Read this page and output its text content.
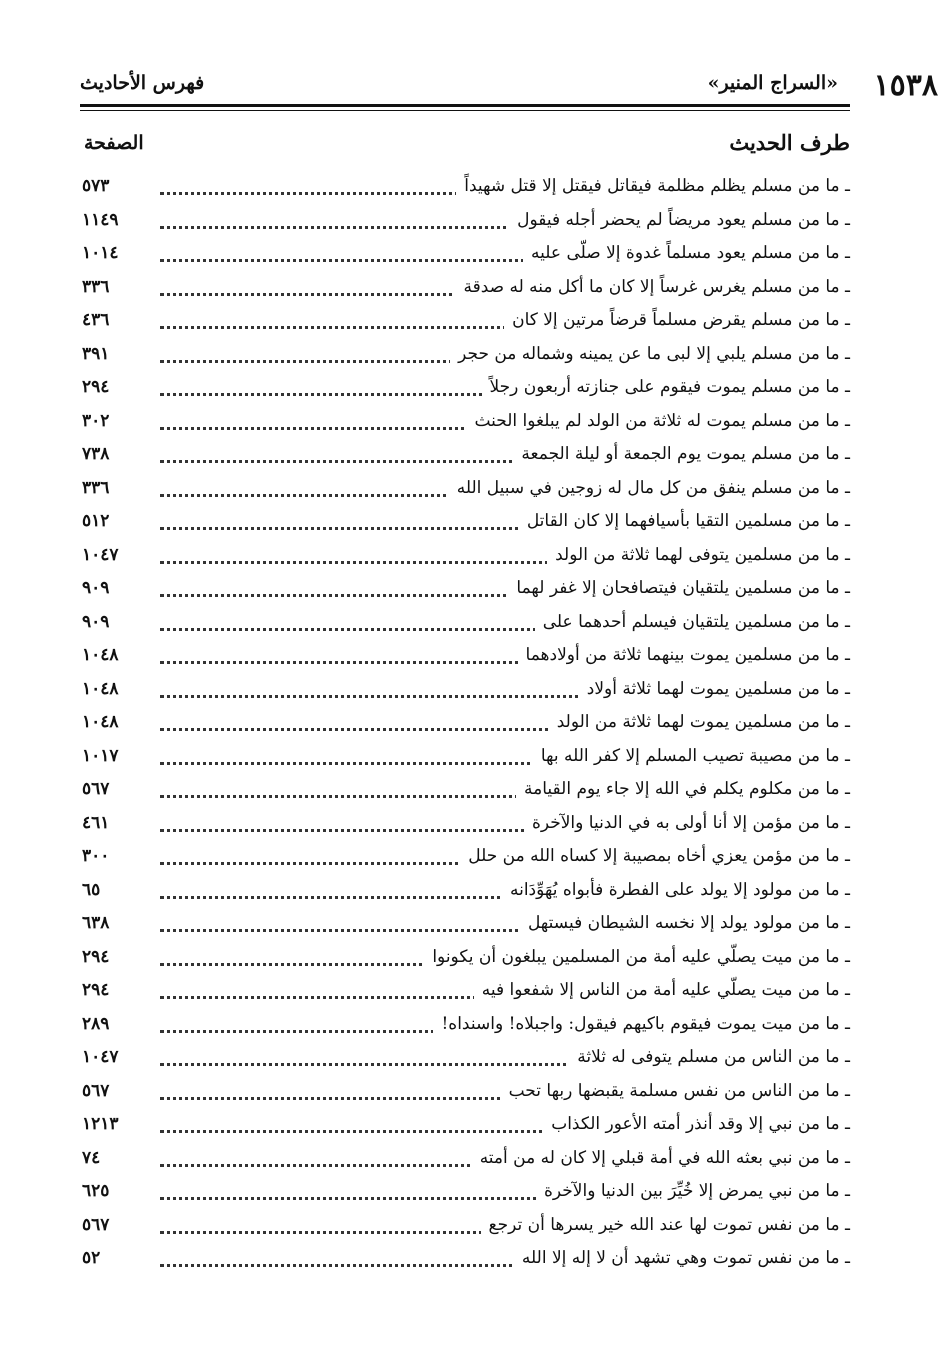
١٥٣٨
«السراج المنير»
فهرس الأحاديث
طرف الحديث
الصفحة
ـ ما من مسلم يظلم مظلمة فيقاتل فيقتل إلا قتل شهيداً
٥٧٣
ـ ما من مسلم يعود مريضاً لم يحضر أجله فيقول
١١٤٩
ـ ما من مسلم يعود مسلماً غدوة إلا صلّى عليه
١٠١٤
ـ ما من مسلم يغرس غرساً إلا كان ما أكل منه له صدقة
٣٣٦
ـ ما من مسلم يقرض مسلماً قرضاً مرتين إلا كان
٤٣٦
ـ ما من مسلم يلبي إلا لبى ما عن يمينه وشماله من حجر
٣٩١
ـ ما من مسلم يموت فيقوم على جنازته أربعون رجلاً
٢٩٤
ـ ما من مسلم يموت له ثلاثة من الولد لم يبلغوا الحنث
٣٠٢
ـ ما من مسلم يموت يوم الجمعة أو ليلة الجمعة
٧٣٨
ـ ما من مسلم ينفق من كل مال له زوجين في سبيل الله
٣٣٦
ـ ما من مسلمين التقيا بأسيافهما إلا كان القاتل
٥١٢
ـ ما من مسلمين يتوفى لهما ثلاثة من الولد
١٠٤٧
ـ ما من مسلمين يلتقيان فيتصافحان إلا غفر لهما
٩٠٩
ـ ما من مسلمين يلتقيان فيسلم أحدهما على
٩٠٩
ـ ما من مسلمين يموت بينهما ثلاثة من أولادهما
١٠٤٨
ـ ما من مسلمين يموت لهما ثلاثة أولاد
١٠٤٨
ـ ما من مسلمين يموت لهما ثلاثة من الولد
١٠٤٨
ـ ما من مصيبة تصيب المسلم إلا كفر الله بها
١٠١٧
ـ ما من مكلوم يكلم في الله إلا جاء يوم القيامة
٥٦٧
ـ ما من مؤمن إلا أنا أولى به في الدنيا والآخرة
٤٦١
ـ ما من مؤمن يعزي أخاه بمصيبة إلا كساه الله من حلل
٣٠٠
ـ ما من مولود إلا يولد على الفطرة فأبواه يُهَوِّدَانه
٦٥
ـ ما من مولود يولد إلا نخسه الشيطان فيستهل
٦٣٨
ـ ما من ميت يصلّي عليه أمة من المسلمين يبلغون أن يكونوا
٢٩٤
ـ ما من ميت يصلّي عليه أمة من الناس إلا شفعوا فيه
٢٩٤
ـ ما من ميت يموت فيقوم باكيهم فيقول: واجبلاه! واسنداه!
٢٨٩
ـ ما من الناس من مسلم يتوفى له ثلاثة
١٠٤٧
ـ ما من الناس من نفس مسلمة يقبضها ربها تحب
٥٦٧
ـ ما من نبي إلا وقد أنذر أمته الأعور الكذاب
١٢١٣
ـ ما من نبي بعثه الله في أمة قبلي إلا كان له من أمته
٧٤
ـ ما من نبي يمرض إلا خُيِّرَ بين الدنيا والآخرة
٦٢٥
ـ ما من نفس تموت لها عند الله خير يسرها أن ترجع
٥٦٧
ـ ما من نفس تموت وهي تشهد أن لا إله إلا الله
٥٢
